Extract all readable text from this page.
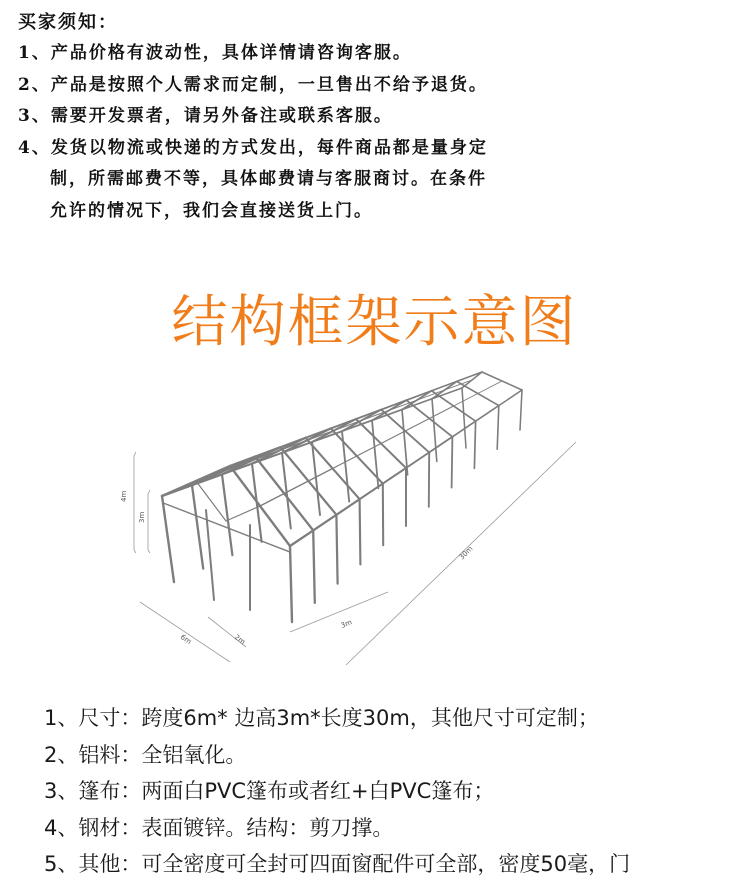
买家须知：
1、产品价格有波动性，具体详情请咨询客服。
2、产品是按照个人需求而定制，一旦售出不给予退货。
3、需要开发票者，请另外备注或联系客服。
4、发货以物流或快递的方式发出，每件商品都是量身定
制，所需邮费不等，具体邮费请与客服商讨。在条件
允许的情况下，我们会直接送货上门。
结构框架示意图
4m
3m
6m	2m
3m
30m
1、尺寸：跨度6m* 边高3m*长度30m，其他尺寸可定制；
2、铝料：全铝氧化。
3、篷布：两面白PVC篷布或者红+白PVC篷布；
4、钢材：表面镀锌。结构：剪刀撑。
5、其他：可全密度可全封可四面窗配件可全部，密度50毫，门
